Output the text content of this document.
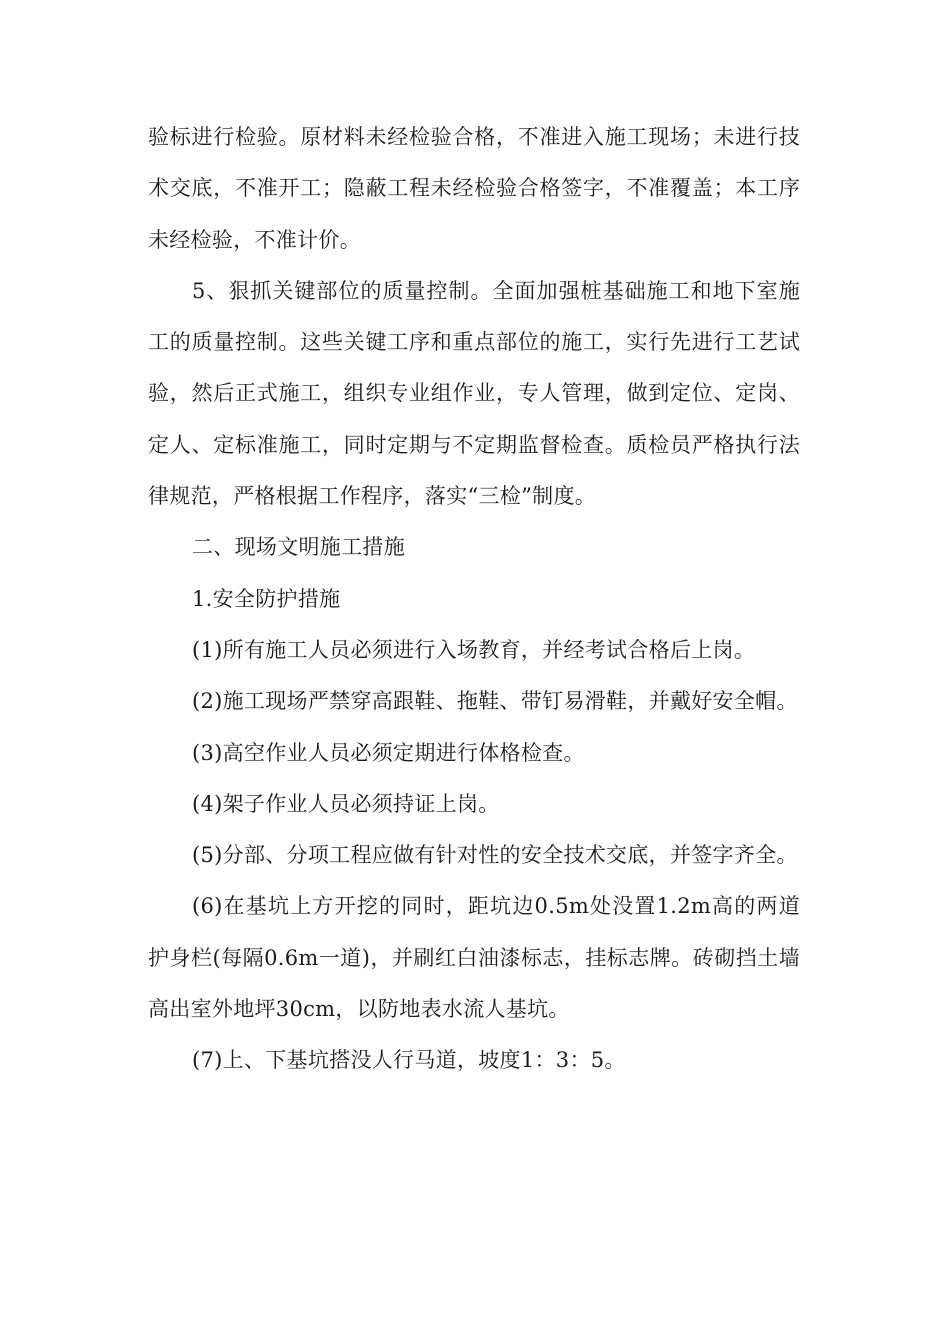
验标进行检验。原材料未经检验合格，不准进入施工现场；未进行技术交底，不准开工；隐蔽工程未经检验合格签字，不准覆盖；本工序未经检验，不准计价。

5、狠抓关键部位的质量控制。全面加强桩基础施工和地下室施工的质量控制。这些关键工序和重点部位的施工，实行先进行工艺试验，然后正式施工，组织专业组作业，专人管理，做到定位、定岗、定人、定标准施工，同时定期与不定期监督检查。质检员严格执行法律规范，严格根据工作程序，落实“三检”制度。

二、现场文明施工措施

1.安全防护措施

(1)所有施工人员必须进行入场教育，并经考试合格后上岗。

(2)施工现场严禁穿高跟鞋、拖鞋、带钉易滑鞋，并戴好安全帽。

(3)高空作业人员必须定期进行体格检查。

(4)架子作业人员必须持证上岗。

(5)分部、分项工程应做有针对性的安全技术交底，并签字齐全。

(6)在基坑上方开挖的同时，距坑边0.5m处没置1.2m高的两道护身栏(每隔0.6m一道)，并刷红白油漆标志，挂标志牌。砖砌挡土墙高出室外地坪30cm，以防地表水流人基坑。

(7)上、下基坑搭没人行马道，坡度1：3：5。
